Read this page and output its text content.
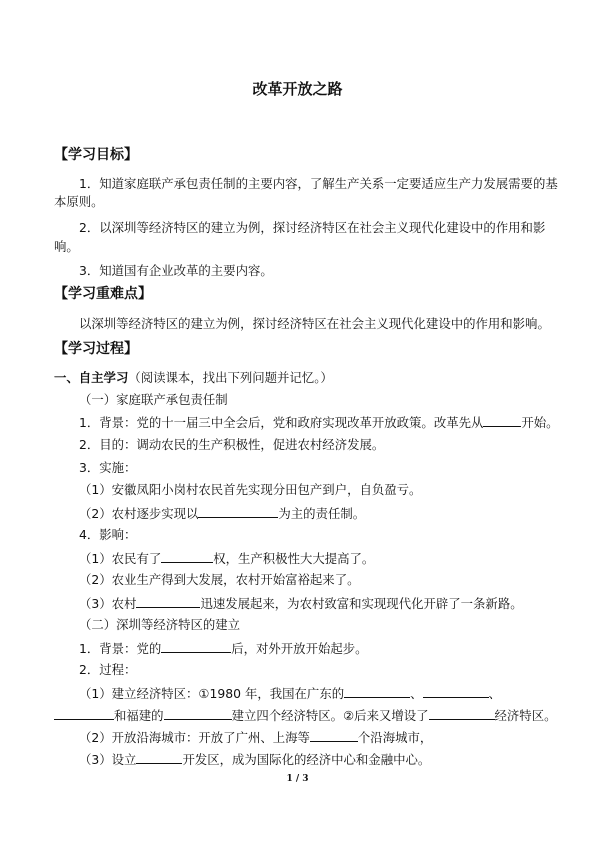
改革开放之路
【学习目标】
1．知道家庭联产承包责任制的主要内容，了解生产关系一定要适应生产力发展需要的基
本原则。
2．以深圳等经济特区的建立为例，探讨经济特区在社会主义现代化建设中的作用和影
响。
3．知道国有企业改革的主要内容。
【学习重难点】
以深圳等经济特区的建立为例，探讨经济特区在社会主义现代化建设中的作用和影响。
【学习过程】
一、自主学习（阅读课本，找出下列问题并记忆。）
（一）家庭联产承包责任制
1．背景：党的十一届三中全会后，党和政府实现改革开放政策。改革先从	开始。
2．目的：调动农民的生产积极性，促进农村经济发展。
3．实施：
（1）安徽凤阳小岗村农民首先实现分田包产到户，自负盈亏。
（2）农村逐步实现以	为主的责任制。
4．影响：
（1）农民有了	权，生产积极性大大提高了。
（2）农业生产得到大发展，农村开始富裕起来了。
（3）农村	迅速发展起来，为农村致富和实现现代化开辟了一条新路。
（二）深圳等经济特区的建立
1．背景：党的	后，对外开放开始起步。
2．过程：
（1）建立经济特区：①1980 年，我国在广东的	、	、
和福建的	建立四个经济特区。②后来又增设了	经济特区。
（2）开放沿海城市：开放了广州、上海等	个沿海城市，
（3）设立	开发区，成为国际化的经济中心和金融中心。
1 / 3
